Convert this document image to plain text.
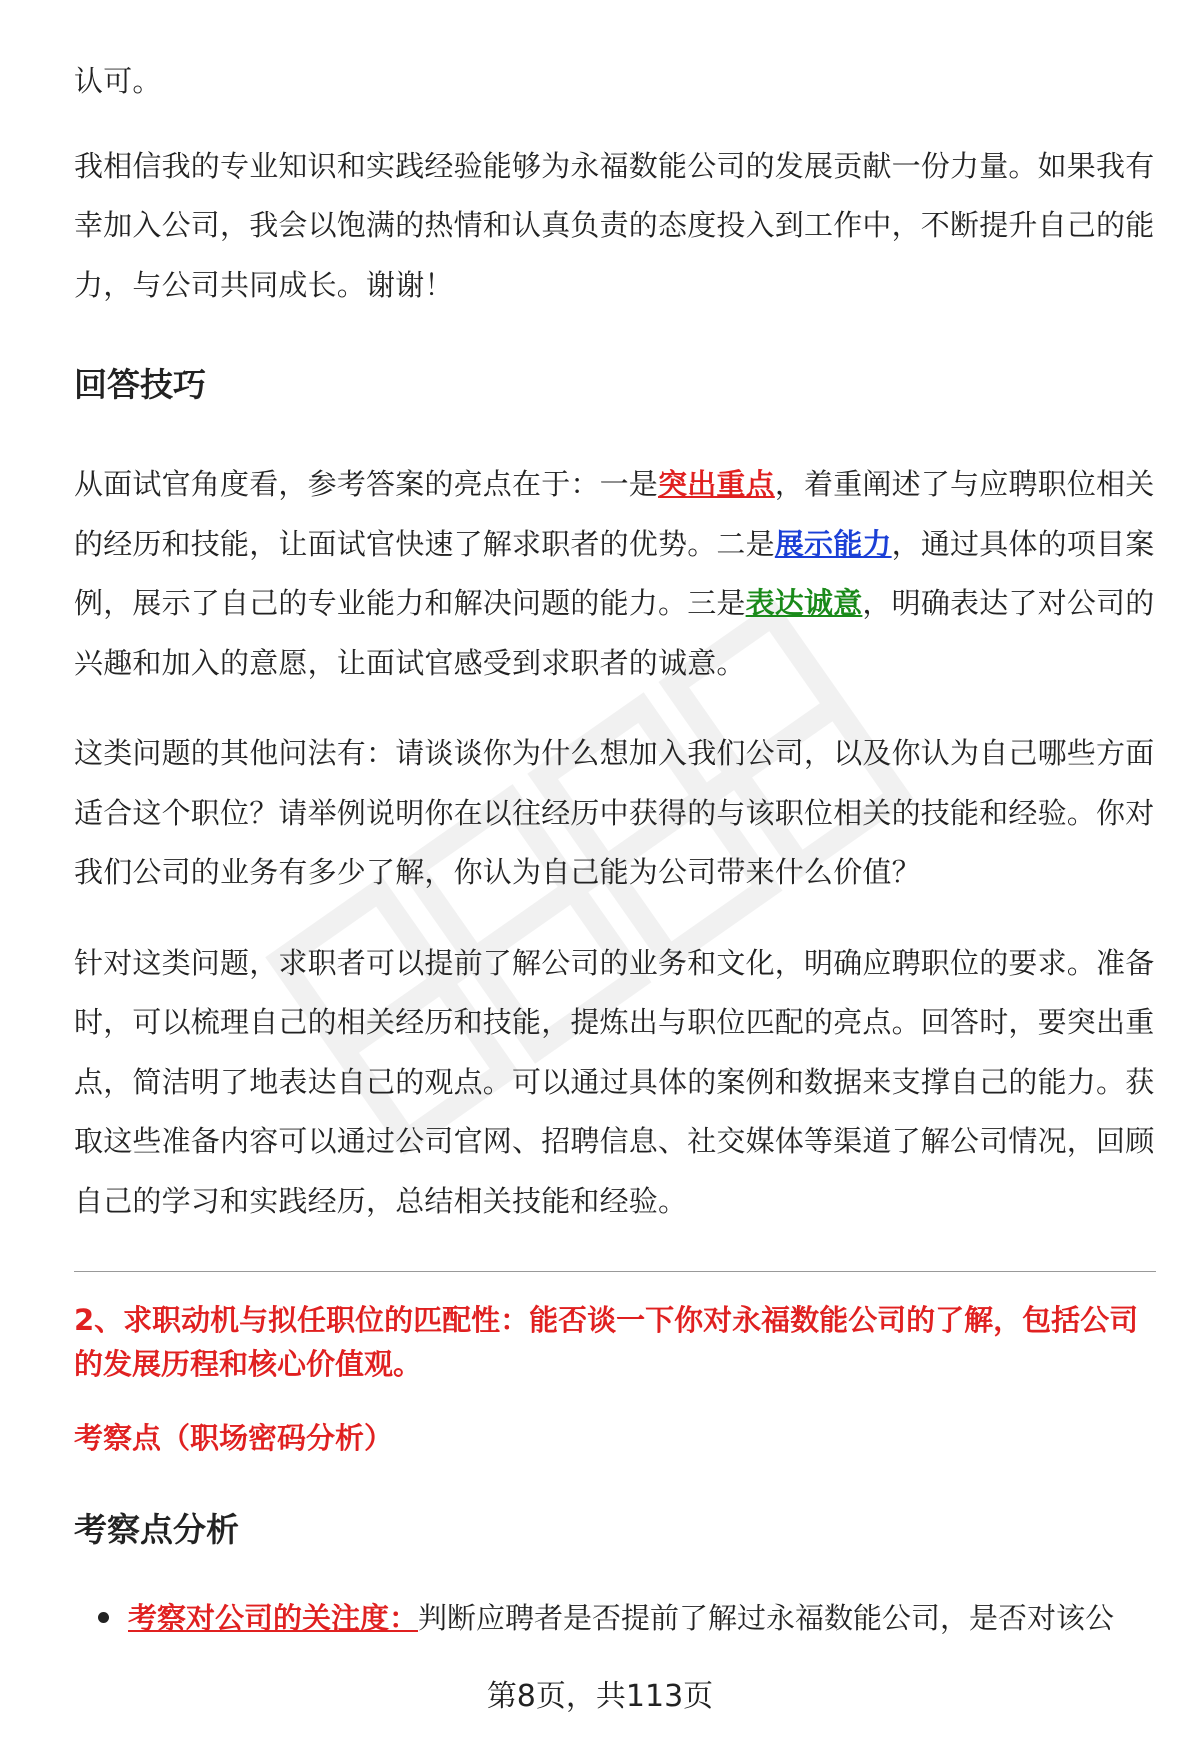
认可。

我相信我的专业知识和实践经验能够为永福数能公司的发展贡献一份力量。如果我有幸加入公司，我会以饱满的热情和认真负责的态度投入到工作中，不断提升自己的能力，与公司共同成长。谢谢！

回答技巧

从面试官角度看，参考答案的亮点在于：一是突出重点，着重阐述了与应聘职位相关的经历和技能，让面试官快速了解求职者的优势。二是展示能力，通过具体的项目案例，展示了自己的专业能力和解决问题的能力。三是表达诚意，明确表达了对公司的兴趣和加入的意愿，让面试官感受到求职者的诚意。

这类问题的其他问法有：请谈谈你为什么想加入我们公司，以及你认为自己哪些方面适合这个职位？请举例说明你在以往经历中获得的与该职位相关的技能和经验。你对我们公司的业务有多少了解，你认为自己能为公司带来什么价值？

针对这类问题，求职者可以提前了解公司的业务和文化，明确应聘职位的要求。准备时，可以梳理自己的相关经历和技能，提炼出与职位匹配的亮点。回答时，要突出重点，简洁明了地表达自己的观点。可以通过具体的案例和数据来支撑自己的能力。获取这些准备内容可以通过公司官网、招聘信息、社交媒体等渠道了解公司情况，回顾自己的学习和实践经历，总结相关技能和经验。

2、求职动机与拟任职位的匹配性：能否谈一下你对永福数能公司的了解，包括公司的发展历程和核心价值观。

考察点（职场密码分析）

考察点分析
考察对公司的关注度：判断应聘者是否提前了解过永福数能公司，是否对该公
第8页，共113页
